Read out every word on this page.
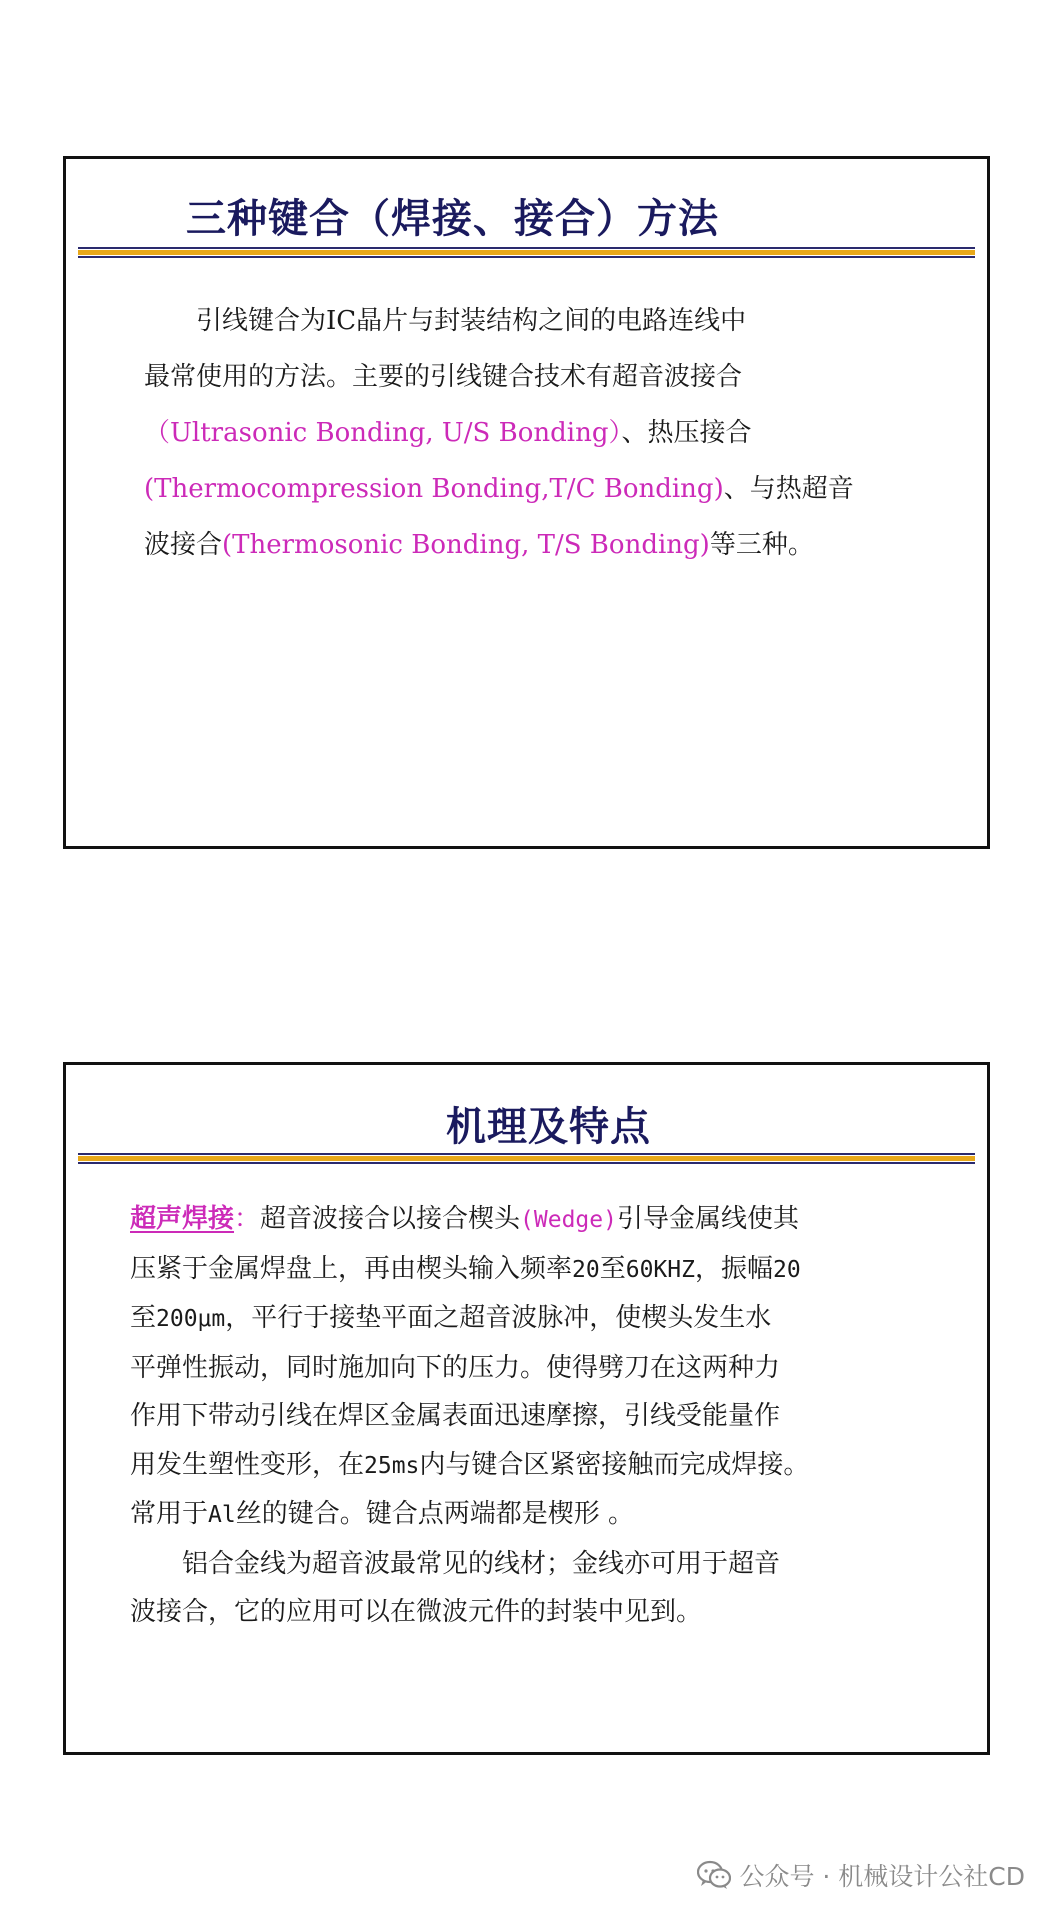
三种键合（焊接、接合）方法
引线键合为IC晶片与封装结构之间的电路连线中
最常使用的方法。主要的引线键合技术有超音波接合
（Ultrasonic Bonding, U/S Bonding）、热压接合
(Thermocompression Bonding,T/C Bonding)、与热超音
波接合(Thermosonic Bonding, T/S Bonding)等三种。
机理及特点
超声焊接：超音波接合以接合楔头(Wedge)引导金属线使其
压紧于金属焊盘上，再由楔头输入频率20至60KHZ，振幅20
至200μm，平行于接垫平面之超音波脉冲，使楔头发生水
平弹性振动，同时施加向下的压力。使得劈刀在这两种力
作用下带动引线在焊区金属表面迅速摩擦，引线受能量作
用发生塑性变形，在25ms内与键合区紧密接触而完成焊接。
常用于Al丝的键合。键合点两端都是楔形 。
铝合金线为超音波最常见的线材；金线亦可用于超音
波接合，它的应用可以在微波元件的封装中见到。
公众号 · 机械设计公社CD
